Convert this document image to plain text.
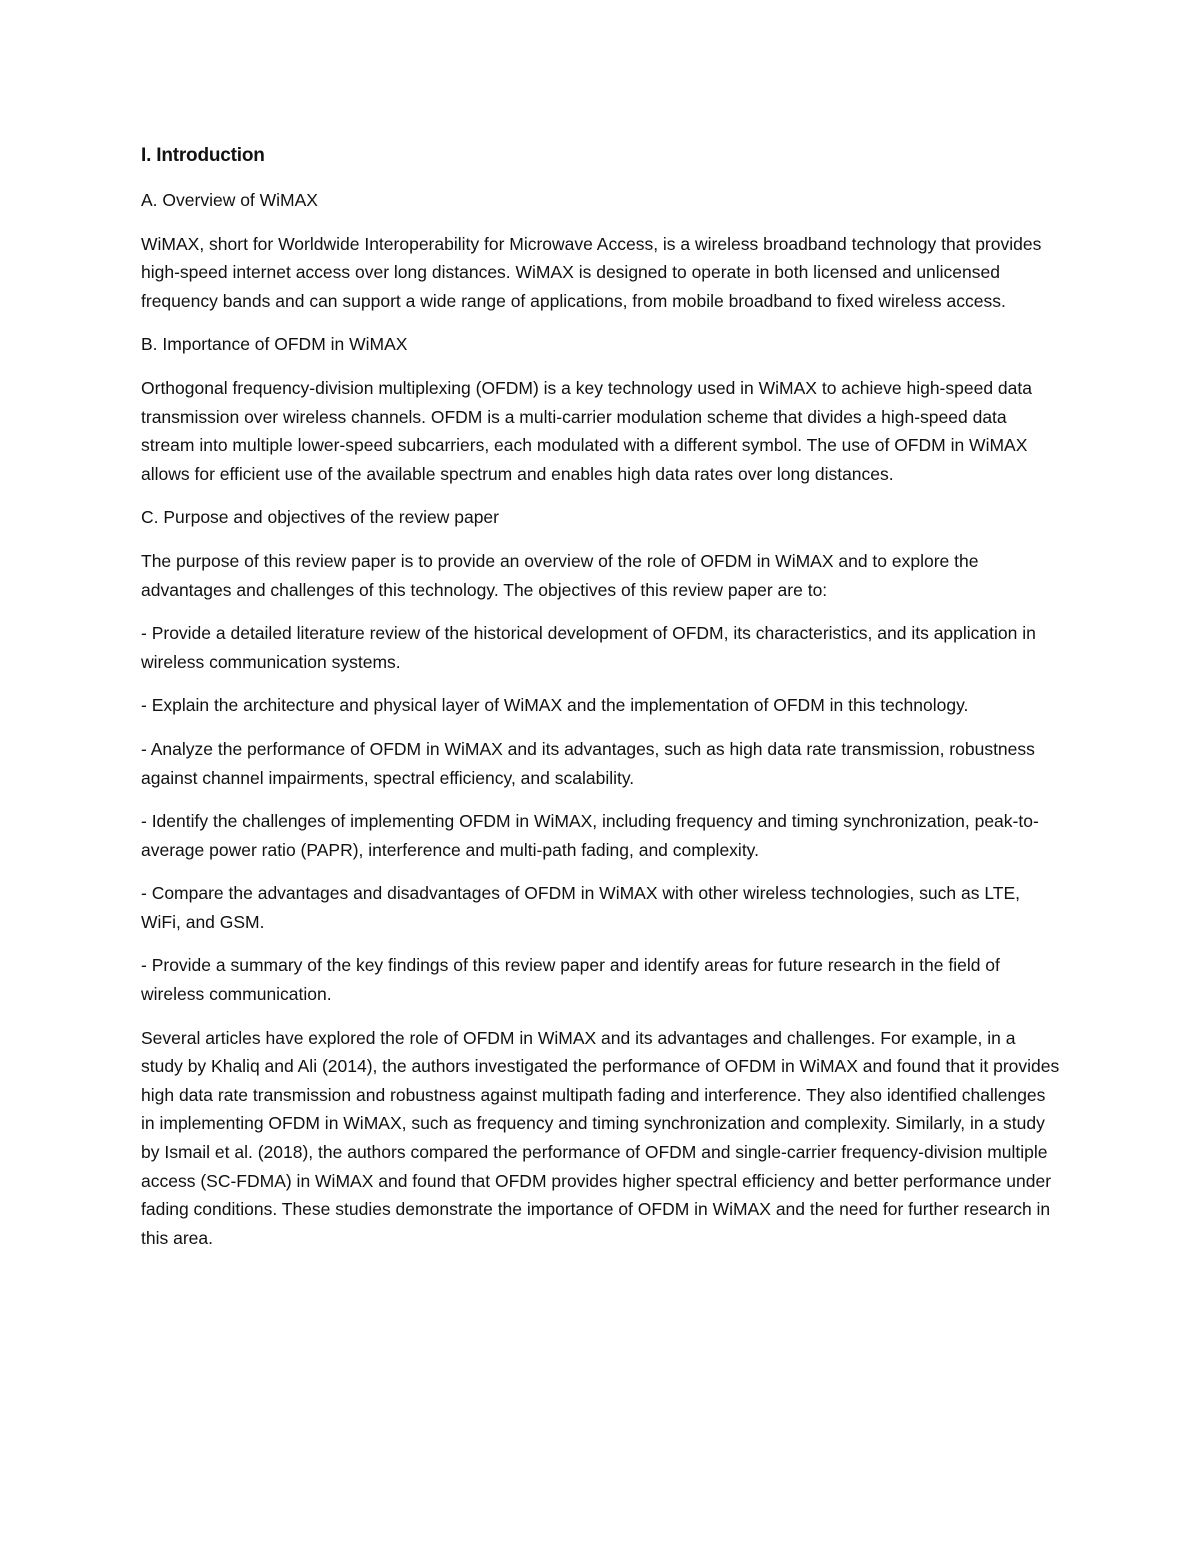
I. Introduction

A. Overview of WiMAX

WiMAX, short for Worldwide Interoperability for Microwave Access, is a wireless broadband technology that provides high-speed internet access over long distances. WiMAX is designed to operate in both licensed and unlicensed frequency bands and can support a wide range of applications, from mobile broadband to fixed wireless access.

B. Importance of OFDM in WiMAX

Orthogonal frequency-division multiplexing (OFDM) is a key technology used in WiMAX to achieve high-speed data transmission over wireless channels. OFDM is a multi-carrier modulation scheme that divides a high-speed data stream into multiple lower-speed subcarriers, each modulated with a different symbol. The use of OFDM in WiMAX allows for efficient use of the available spectrum and enables high data rates over long distances.

C. Purpose and objectives of the review paper

The purpose of this review paper is to provide an overview of the role of OFDM in WiMAX and to explore the advantages and challenges of this technology. The objectives of this review paper are to:

- Provide a detailed literature review of the historical development of OFDM, its characteristics, and its application in wireless communication systems.

- Explain the architecture and physical layer of WiMAX and the implementation of OFDM in this technology.

- Analyze the performance of OFDM in WiMAX and its advantages, such as high data rate transmission, robustness against channel impairments, spectral efficiency, and scalability.

- Identify the challenges of implementing OFDM in WiMAX, including frequency and timing synchronization, peak-to-average power ratio (PAPR), interference and multi-path fading, and complexity.

- Compare the advantages and disadvantages of OFDM in WiMAX with other wireless technologies, such as LTE, WiFi, and GSM.

- Provide a summary of the key findings of this review paper and identify areas for future research in the field of wireless communication.

Several articles have explored the role of OFDM in WiMAX and its advantages and challenges. For example, in a study by Khaliq and Ali (2014), the authors investigated the performance of OFDM in WiMAX and found that it provides high data rate transmission and robustness against multipath fading and interference. They also identified challenges in implementing OFDM in WiMAX, such as frequency and timing synchronization and complexity. Similarly, in a study by Ismail et al. (2018), the authors compared the performance of OFDM and single-carrier frequency-division multiple access (SC-FDMA) in WiMAX and found that OFDM provides higher spectral efficiency and better performance under fading conditions. These studies demonstrate the importance of OFDM in WiMAX and the need for further research in this area.
